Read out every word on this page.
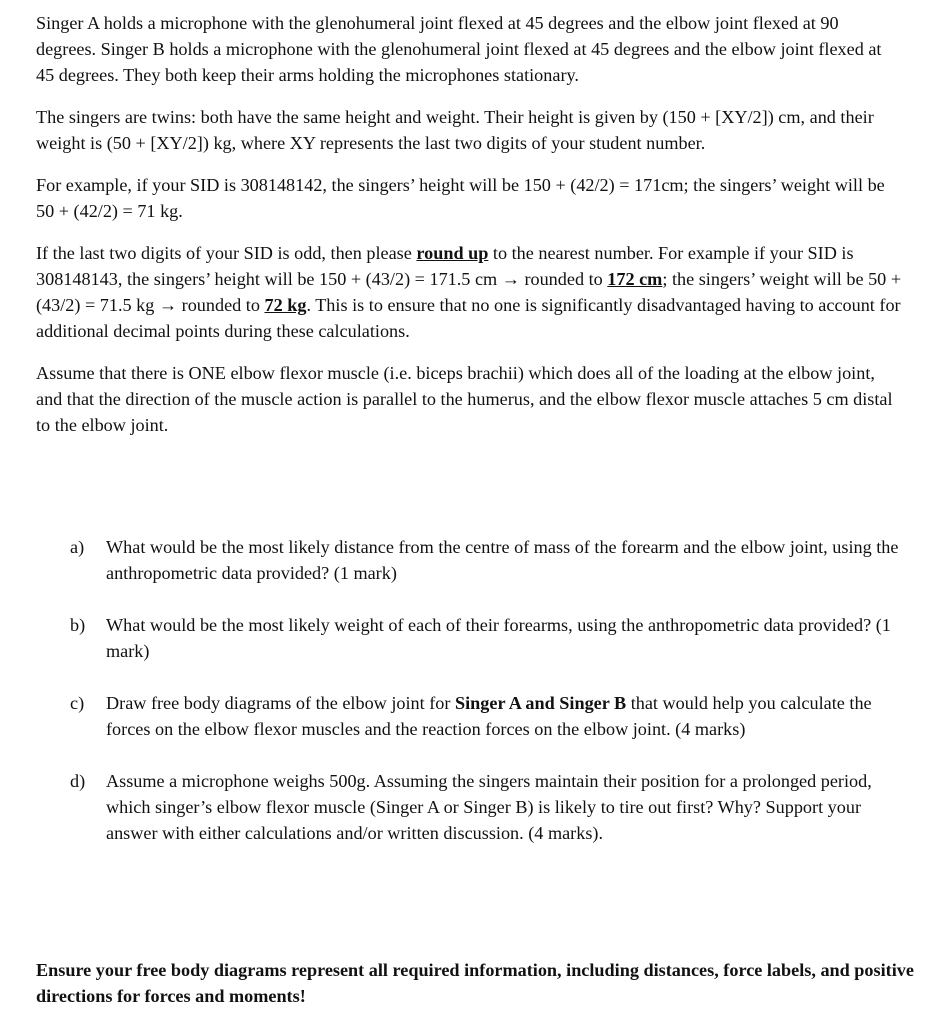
Singer A holds a microphone with the glenohumeral joint flexed at 45 degrees and the elbow joint flexed at 90 degrees. Singer B holds a microphone with the glenohumeral joint flexed at 45 degrees and the elbow joint flexed at 45 degrees. They both keep their arms holding the microphones stationary.

The singers are twins: both have the same height and weight. Their height is given by (150 + [XY/2]) cm, and their weight is (50 + [XY/2]) kg, where XY represents the last two digits of your student number.

For example, if your SID is 308148142, the singers’ height will be 150 + (42/2) = 171cm; the singers’ weight will be 50 + (42/2) = 71 kg.

If the last two digits of your SID is odd, then please round up to the nearest number. For example if your SID is 308148143, the singers’ height will be 150 + (43/2) = 171.5 cm → rounded to 172 cm; the singers’ weight will be 50 + (43/2) = 71.5 kg → rounded to 72 kg. This is to ensure that no one is significantly disadvantaged having to account for additional decimal points during these calculations.

Assume that there is ONE elbow flexor muscle (i.e. biceps brachii) which does all of the loading at the elbow joint, and that the direction of the muscle action is parallel to the humerus, and the elbow flexor muscle attaches 5 cm distal to the elbow joint.

a)	What would be the most likely distance from the centre of mass of the forearm and the elbow joint, using the anthropometric data provided? (1 mark)
b)	What would be the most likely weight of each of their forearms, using the anthropometric data provided? (1 mark)
c)	Draw free body diagrams of the elbow joint for Singer A and Singer B that would help you calculate the forces on the elbow flexor muscles and the reaction forces on the elbow joint. (4 marks)
d)	Assume a microphone weighs 500g. Assuming the singers maintain their position for a prolonged period, which singer’s elbow flexor muscle (Singer A or Singer B) is likely to tire out first? Why? Support your answer with either calculations and/or written discussion. (4 marks).

Ensure your free body diagrams represent all required information, including distances, force labels, and positive directions for forces and moments!
